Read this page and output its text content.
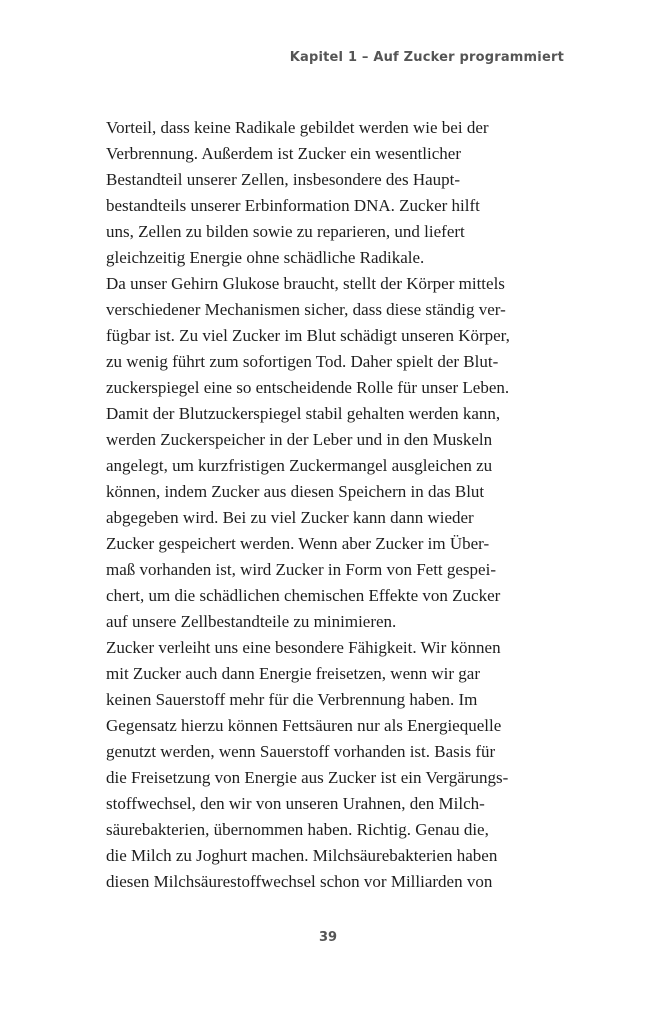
Kapitel 1 – Auf Zucker programmiert
Vorteil, dass keine Radikale gebildet werden wie bei der
Verbrennung. Außerdem ist Zucker ein wesentlicher
Bestandteil unserer Zellen, insbesondere des Haupt-
bestandteils unserer Erbinformation DNA. Zucker hilft
uns, Zellen zu bilden sowie zu reparieren, und liefert
gleichzeitig Energie ohne schädliche Radikale.
Da unser Gehirn Glukose braucht, stellt der Körper mittels
verschiedener Mechanismen sicher, dass diese ständig ver-
fügbar ist. Zu viel Zucker im Blut schädigt unseren Körper,
zu wenig führt zum sofortigen Tod. Daher spielt der Blut-
zuckerspiegel eine so entscheidende Rolle für unser Leben.
Damit der Blutzuckerspiegel stabil gehalten werden kann,
werden Zuckerspeicher in der Leber und in den Muskeln
angelegt, um kurzfristigen Zuckermangel ausgleichen zu
können, indem Zucker aus diesen Speichern in das Blut
abgegeben wird. Bei zu viel Zucker kann dann wieder
Zucker gespeichert werden. Wenn aber Zucker im Über-
maß vorhanden ist, wird Zucker in Form von Fett gespei-
chert, um die schädlichen chemischen Effekte von Zucker
auf unsere Zellbestandteile zu minimieren.
Zucker verleiht uns eine besondere Fähigkeit. Wir können
mit Zucker auch dann Energie freisetzen, wenn wir gar
keinen Sauerstoff mehr für die Verbrennung haben. Im
Gegensatz hierzu können Fettsäuren nur als Energiequelle
genutzt werden, wenn Sauerstoff vorhanden ist. Basis für
die Freisetzung von Energie aus Zucker ist ein Vergärungs-
stoffwechsel, den wir von unseren Urahnen, den Milch-
säurebakterien, übernommen haben. Richtig. Genau die,
die Milch zu Joghurt machen. Milchsäurebakterien haben
diesen Milchsäurestoffwechsel schon vor Milliarden von
39
